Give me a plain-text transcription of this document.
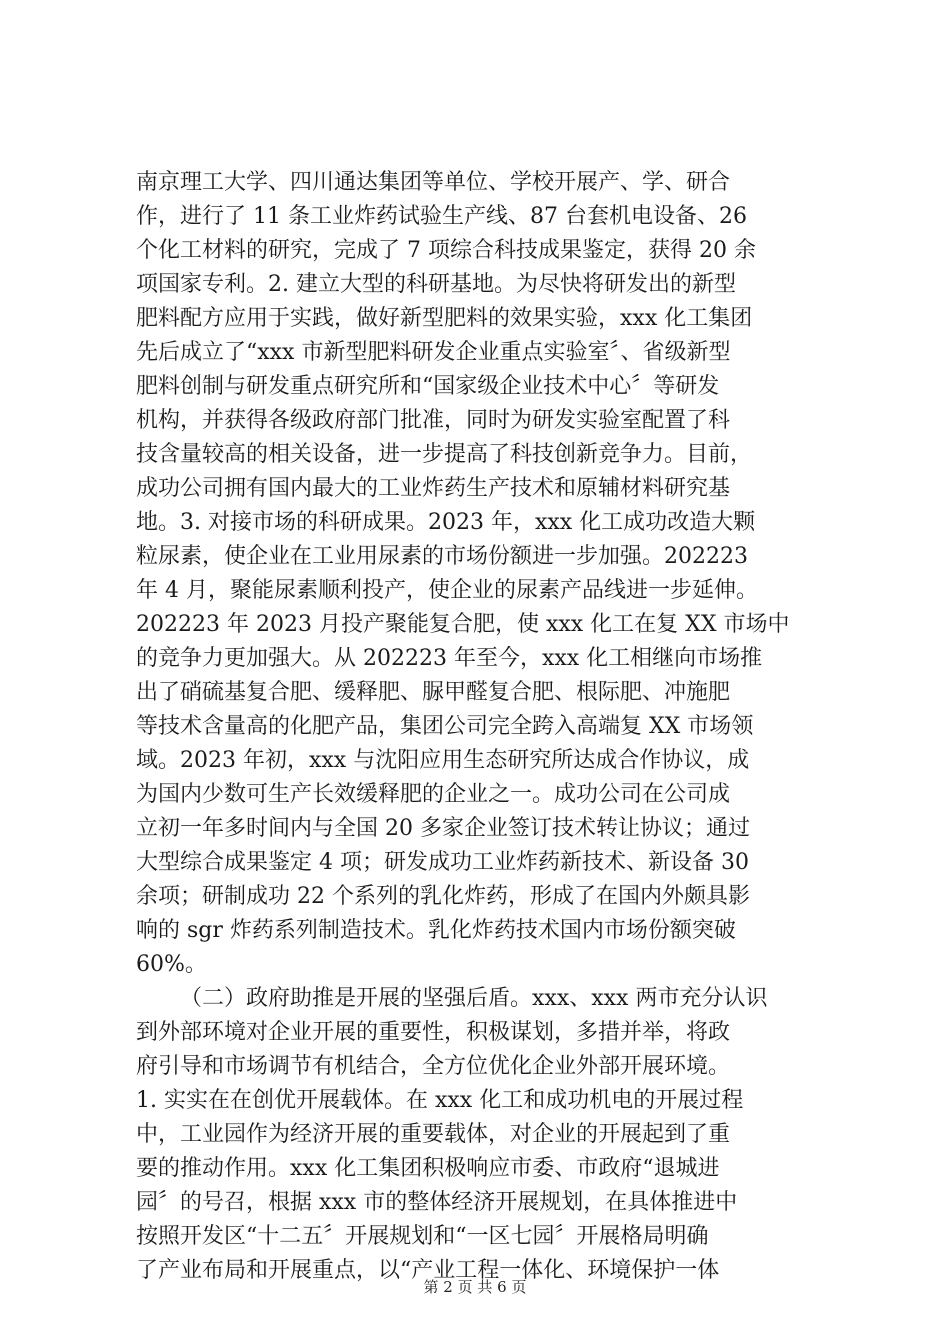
南京理工大学、四川通达集团等单位、学校开展产、学、研合
作，进行了 11 条工业炸药试验生产线、87 台套机电设备、26
个化工材料的研究，完成了 7 项综合科技成果鉴定，获得 20 余
项国家专利。2. 建立大型的科研基地。为尽快将研发出的新型
肥料配方应用于实践，做好新型肥料的效果实验，xxx 化工集团
先后成立了“xxx 市新型肥料研发企业重点实验室〞、省级新型
肥料创制与研发重点研究所和“国家级企业技术中心〞等研发
机构，并获得各级政府部门批准，同时为研发实验室配置了科
技含量较高的相关设备，进一步提高了科技创新竞争力。目前，
成功公司拥有国内最大的工业炸药生产技术和原辅材料研究基
地。3. 对接市场的科研成果。2023 年，xxx 化工成功改造大颗
粒尿素，使企业在工业用尿素的市场份额进一步加强。202223
年 4 月，聚能尿素顺利投产，使企业的尿素产品线进一步延伸。
202223 年 2023 月投产聚能复合肥，使 xxx 化工在复 XX 市场中
的竞争力更加强大。从 202223 年至今，xxx 化工相继向市场推
出了硝硫基复合肥、缓释肥、脲甲醛复合肥、根际肥、冲施肥
等技术含量高的化肥产品，集团公司完全跨入高端复 XX 市场领
域。2023 年初，xxx 与沈阳应用生态研究所达成合作协议，成
为国内少数可生产长效缓释肥的企业之一。成功公司在公司成
立初一年多时间内与全国 20 多家企业签订技术转让协议；通过
大型综合成果鉴定 4 项；研发成功工业炸药新技术、新设备 30
余项；研制成功 22 个系列的乳化炸药，形成了在国内外颇具影
响的 sgr 炸药系列制造技术。乳化炸药技术国内市场份额突破
60%。
（二）政府助推是开展的坚强后盾。xxx、xxx 两市充分认识
到外部环境对企业开展的重要性，积极谋划，多措并举，将政
府引导和市场调节有机结合，全方位优化企业外部开展环境。
1. 实实在在创优开展载体。在 xxx 化工和成功机电的开展过程
中，工业园作为经济开展的重要载体，对企业的开展起到了重
要的推动作用。xxx 化工集团积极响应市委、市政府“退城进
园〞的号召，根据 xxx 市的整体经济开展规划，在具体推进中
按照开发区“十二五〞开展规划和“一区七园〞开展格局明确
了产业布局和开展重点，以“产业工程一体化、环境保护一体
第 2 页 共 6 页
